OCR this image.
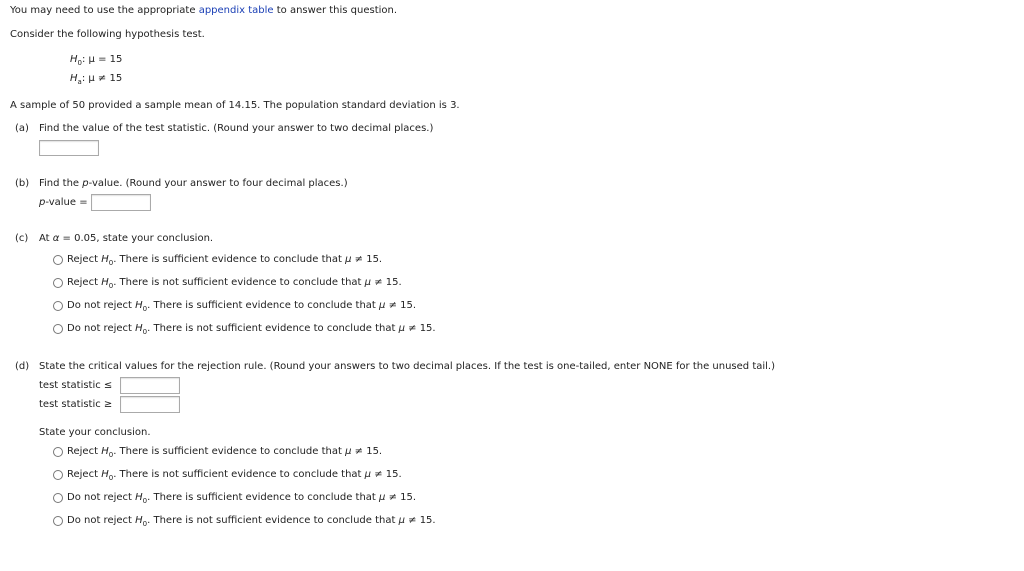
You may need to use the appropriate appendix table to answer this question.
Consider the following hypothesis test.
$H_0$: μ = 15
$H_a$: μ ≠ 15
A sample of 50 provided a sample mean of 14.15. The population standard deviation is 3.
(a) Find the value of the test statistic. (Round your answer to two decimal places.)
(b) Find the p-value. (Round your answer to four decimal places.)
p-value =
(c) At α = 0.05, state your conclusion.
Reject $H_0$. There is sufficient evidence to conclude that μ ≠ 15.
Reject $H_0$. There is not sufficient evidence to conclude that μ ≠ 15.
Do not reject $H_0$. There is sufficient evidence to conclude that μ ≠ 15.
Do not reject $H_0$. There is not sufficient evidence to conclude that μ ≠ 15.
(d) State the critical values for the rejection rule. (Round your answers to two decimal places. If the test is one-tailed, enter NONE for the unused tail.)
test statistic ≤
test statistic ≥
State your conclusion.
Reject $H_0$. There is sufficient evidence to conclude that μ ≠ 15.
Reject $H_0$. There is not sufficient evidence to conclude that μ ≠ 15.
Do not reject $H_0$. There is sufficient evidence to conclude that μ ≠ 15.
Do not reject $H_0$. There is not sufficient evidence to conclude that μ ≠ 15.
